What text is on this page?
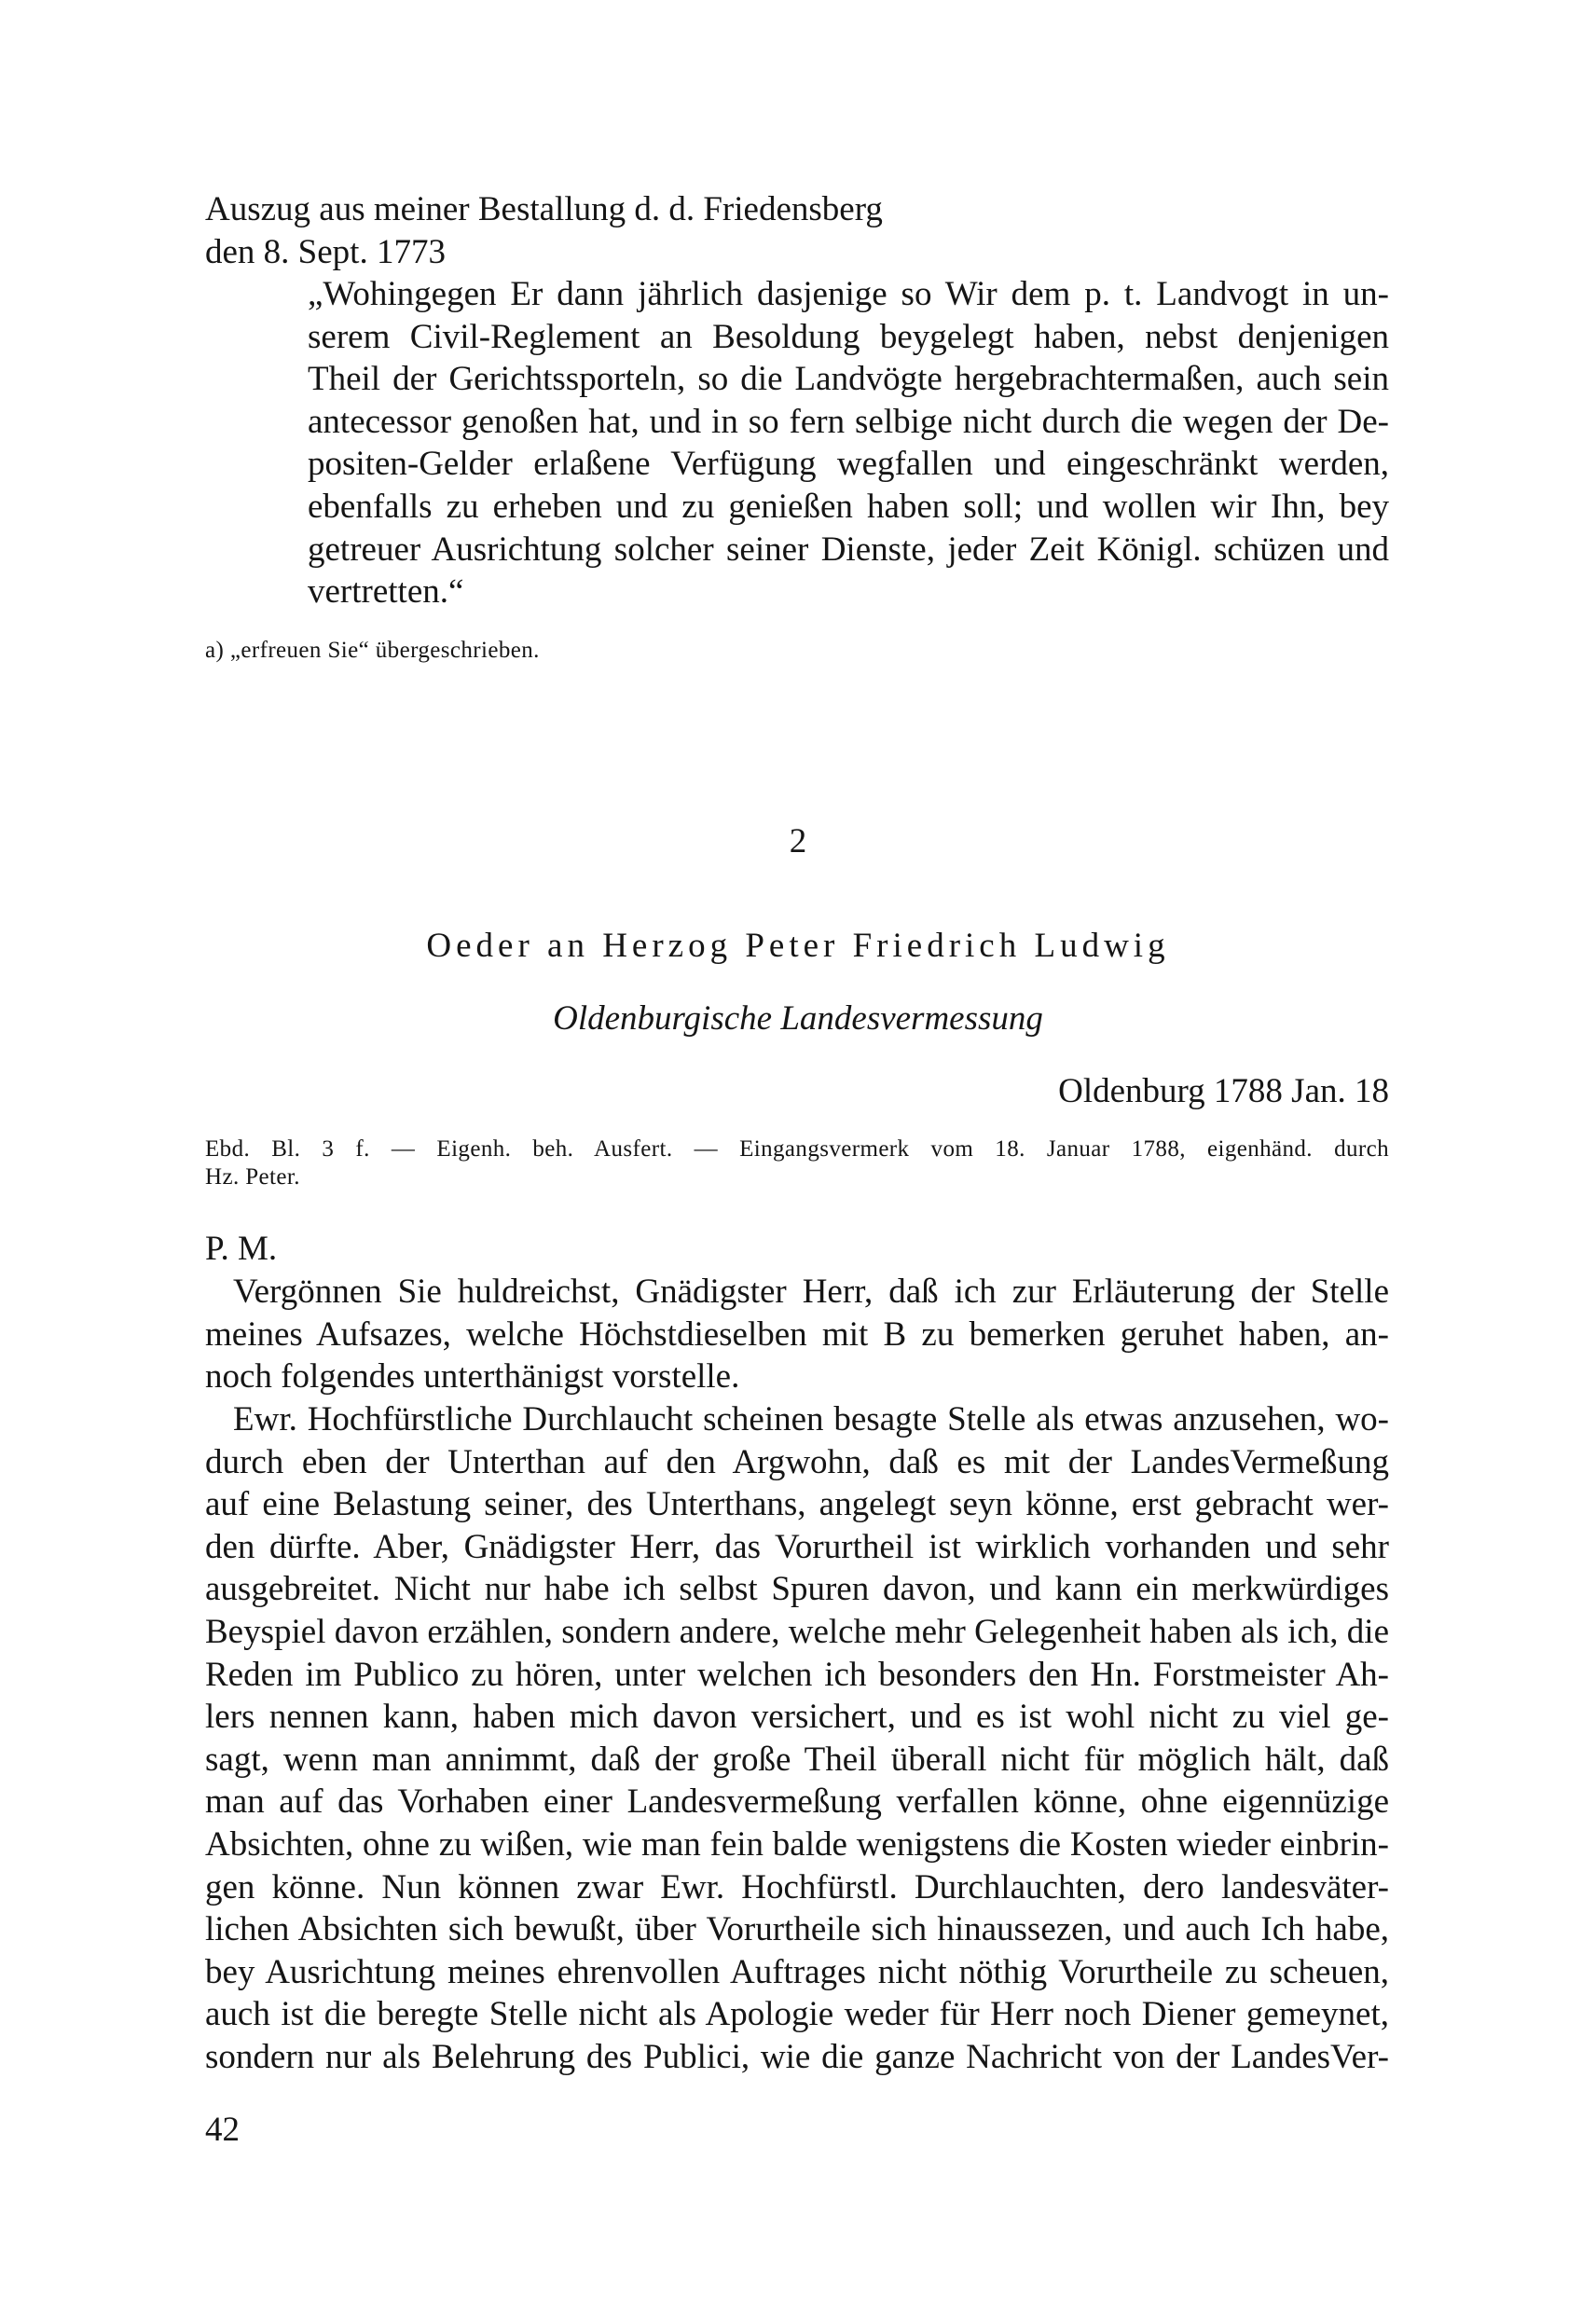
Auszug aus meiner Bestallung d. d. Friedensberg
den 8. Sept. 1773
„Wohingegen Er dann jährlich dasjenige so Wir dem p. t. Landvogt in un-
serem Civil-Reglement an Besoldung beygelegt haben, nebst denjenigen
Theil der Gerichtssporteln, so die Landvögte hergebrachtermaßen, auch sein
antecessor genoßen hat, und in so fern selbige nicht durch die wegen der De-
positen-Gelder erlaßene Verfügung wegfallen und eingeschränkt werden,
ebenfalls zu erheben und zu genießen haben soll; und wollen wir Ihn, bey
getreuer Ausrichtung solcher seiner Dienste, jeder Zeit Königl. schüzen und
vertretten.“
a) „erfreuen Sie“ übergeschrieben.
2
Oeder an Herzog Peter Friedrich Ludwig
Oldenburgische Landesvermessung
Oldenburg 1788 Jan. 18
Ebd. Bl. 3 f. — Eigenh. beh. Ausfert. — Eingangsvermerk vom 18. Januar 1788, eigenhänd. durch
Hz. Peter.
P. M.
Vergönnen Sie huldreichst, Gnädigster Herr, daß ich zur Erläuterung der Stelle
meines Aufsazes, welche Höchstdieselben mit B zu bemerken geruhet haben, an-
noch folgendes unterthänigst vorstelle.
Ewr. Hochfürstliche Durchlaucht scheinen besagte Stelle als etwas anzusehen, wo-
durch eben der Unterthan auf den Argwohn, daß es mit der LandesVermeßung
auf eine Belastung seiner, des Unterthans, angelegt seyn könne, erst gebracht wer-
den dürfte. Aber, Gnädigster Herr, das Vorurtheil ist wirklich vorhanden und sehr
ausgebreitet. Nicht nur habe ich selbst Spuren davon, und kann ein merkwürdiges
Beyspiel davon erzählen, sondern andere, welche mehr Gelegenheit haben als ich, die
Reden im Publico zu hören, unter welchen ich besonders den Hn. Forstmeister Ah-
lers nennen kann, haben mich davon versichert, und es ist wohl nicht zu viel ge-
sagt, wenn man annimmt, daß der große Theil überall nicht für möglich hält, daß
man auf das Vorhaben einer Landesvermeßung verfallen könne, ohne eigennüzige
Absichten, ohne zu wißen, wie man fein balde wenigstens die Kosten wieder einbrin-
gen könne. Nun können zwar Ewr. Hochfürstl. Durchlauchten, dero landesväter-
lichen Absichten sich bewußt, über Vorurtheile sich hinaussezen, und auch Ich habe,
bey Ausrichtung meines ehrenvollen Auftrages nicht nöthig Vorurtheile zu scheuen,
auch ist die beregte Stelle nicht als Apologie weder für Herr noch Diener gemeynet,
sondern nur als Belehrung des Publici, wie die ganze Nachricht von der LandesVer-
42
